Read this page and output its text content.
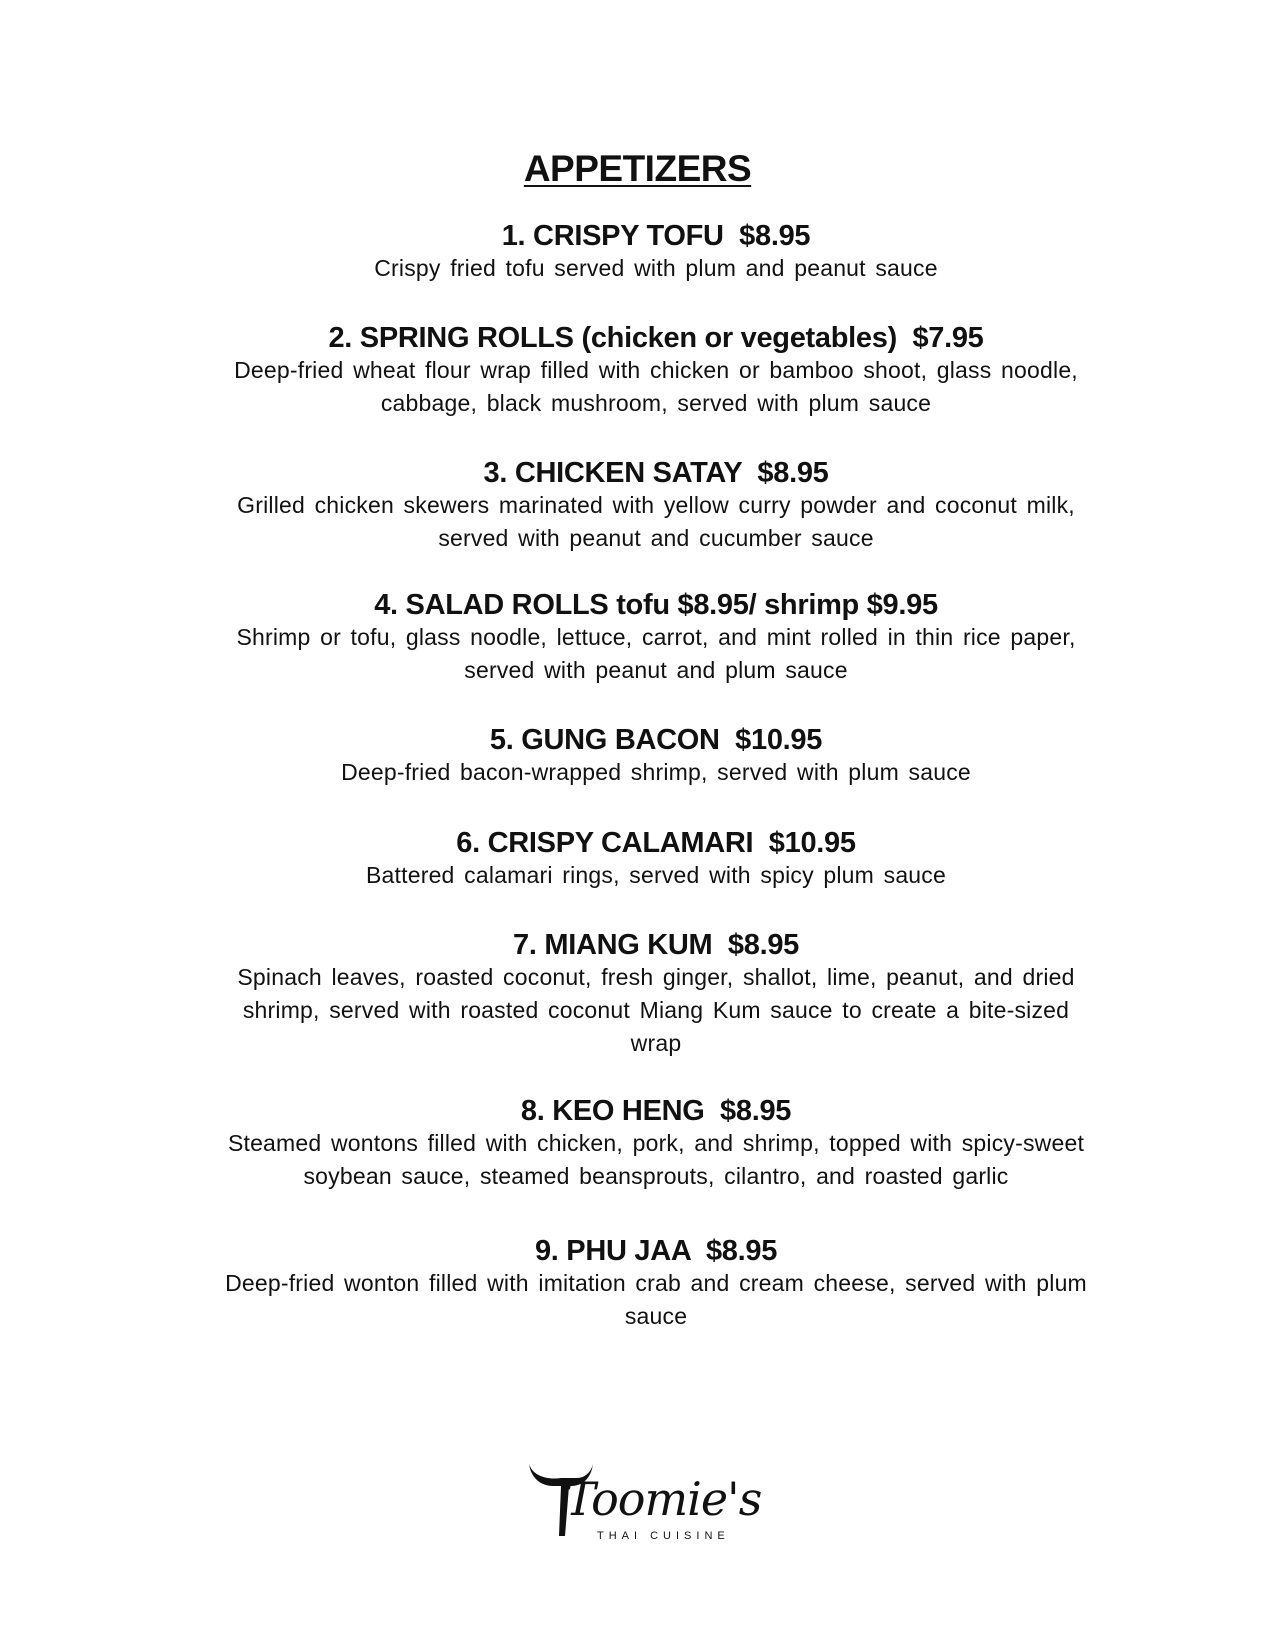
APPETIZERS

1. CRISPY TOFU  $8.95

Crispy fried tofu served with plum and peanut sauce

2. SPRING ROLLS (chicken or vegetables)  $7.95

Deep-fried wheat flour wrap filled with chicken or bamboo shoot, glass noodle, cabbage, black mushroom, served with plum sauce

3. CHICKEN SATAY  $8.95

Grilled chicken skewers marinated with yellow curry powder and coconut milk, served with peanut and cucumber sauce

4. SALAD ROLLS tofu $8.95/ shrimp $9.95

Shrimp or tofu, glass noodle, lettuce, carrot, and mint rolled in thin rice paper, served with peanut and plum sauce

5. GUNG BACON  $10.95

Deep-fried bacon-wrapped shrimp, served with plum sauce

6. CRISPY CALAMARI  $10.95

Battered calamari rings, served with spicy plum sauce

7. MIANG KUM  $8.95

Spinach leaves, roasted coconut, fresh ginger, shallot, lime, peanut, and dried shrimp, served with roasted coconut Miang Kum sauce to create a bite-sized wrap

8. KEO HENG  $8.95

Steamed wontons filled with chicken, pork, and shrimp, topped with spicy-sweet soybean sauce, steamed beansprouts, cilantro, and roasted garlic

9. PHU JAA  $8.95

Deep-fried wonton filled with imitation crab and cream cheese, served with plum sauce

Toomie's
THAI CUISINE
